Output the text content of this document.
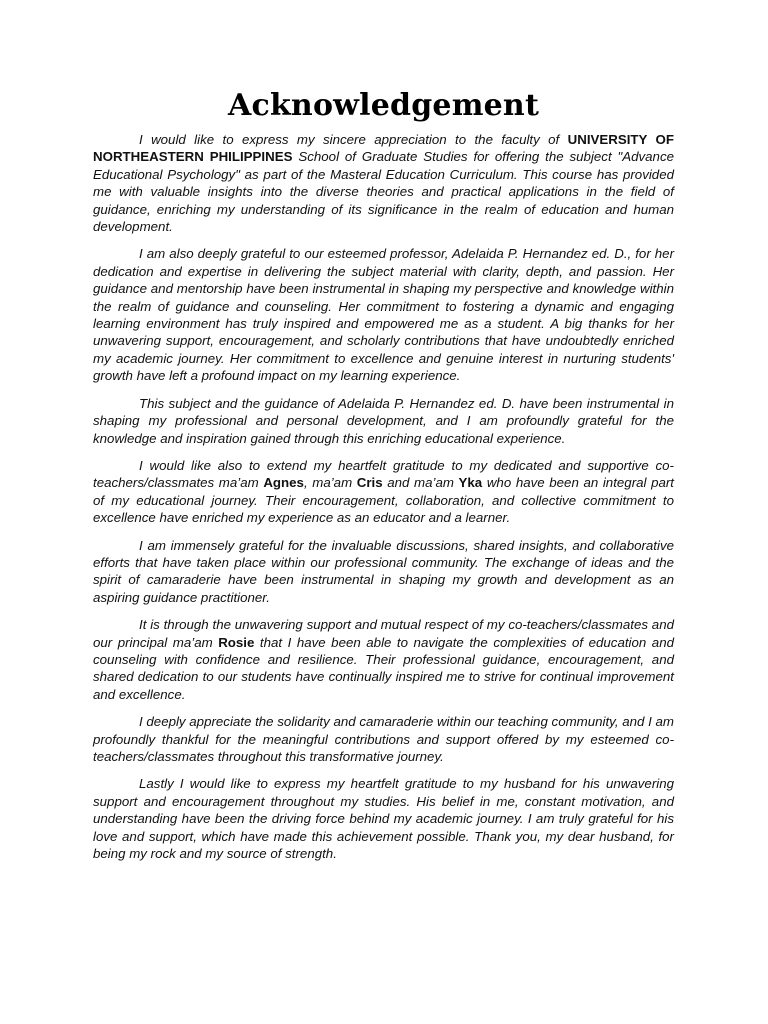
Acknowledgement

I would like to express my sincere appreciation to the faculty of UNIVERSITY OF NORTHEASTERN PHILIPPINES School of Graduate Studies for offering the subject "Advance Educational Psychology" as part of the Masteral Education Curriculum. This course has provided me with valuable insights into the diverse theories and practical applications in the field of guidance, enriching my understanding of its significance in the realm of education and human development.

I am also deeply grateful to our esteemed professor, Adelaida P. Hernandez ed. D., for her dedication and expertise in delivering the subject material with clarity, depth, and passion. Her guidance and mentorship have been instrumental in shaping my perspective and knowledge within the realm of guidance and counseling. Her commitment to fostering a dynamic and engaging learning environment has truly inspired and empowered me as a student. A big thanks for her unwavering support, encouragement, and scholarly contributions that have undoubtedly enriched my academic journey. Her commitment to excellence and genuine interest in nurturing students' growth have left a profound impact on my learning experience.

This subject and the guidance of Adelaida P. Hernandez ed. D. have been instrumental in shaping my professional and personal development, and I am profoundly grateful for the knowledge and inspiration gained through this enriching educational experience.

I would like also to extend my heartfelt gratitude to my dedicated and supportive co-teachers/classmates ma’am Agnes, ma’am Cris and ma’am Yka who have been an integral part of my educational journey. Their encouragement, collaboration, and collective commitment to excellence have enriched my experience as an educator and a learner.

I am immensely grateful for the invaluable discussions, shared insights, and collaborative efforts that have taken place within our professional community. The exchange of ideas and the spirit of camaraderie have been instrumental in shaping my growth and development as an aspiring guidance practitioner.

It is through the unwavering support and mutual respect of my co-teachers/classmates and our principal ma’am Rosie that I have been able to navigate the complexities of education and counseling with confidence and resilience. Their professional guidance, encouragement, and shared dedication to our students have continually inspired me to strive for continual improvement and excellence.

I deeply appreciate the solidarity and camaraderie within our teaching community, and I am profoundly thankful for the meaningful contributions and support offered by my esteemed co-teachers/classmates throughout this transformative journey.

Lastly I would like to express my heartfelt gratitude to my husband for his unwavering support and encouragement throughout my studies. His belief in me, constant motivation, and understanding have been the driving force behind my academic journey. I am truly grateful for his love and support, which have made this achievement possible. Thank you, my dear husband, for being my rock and my source of strength.
